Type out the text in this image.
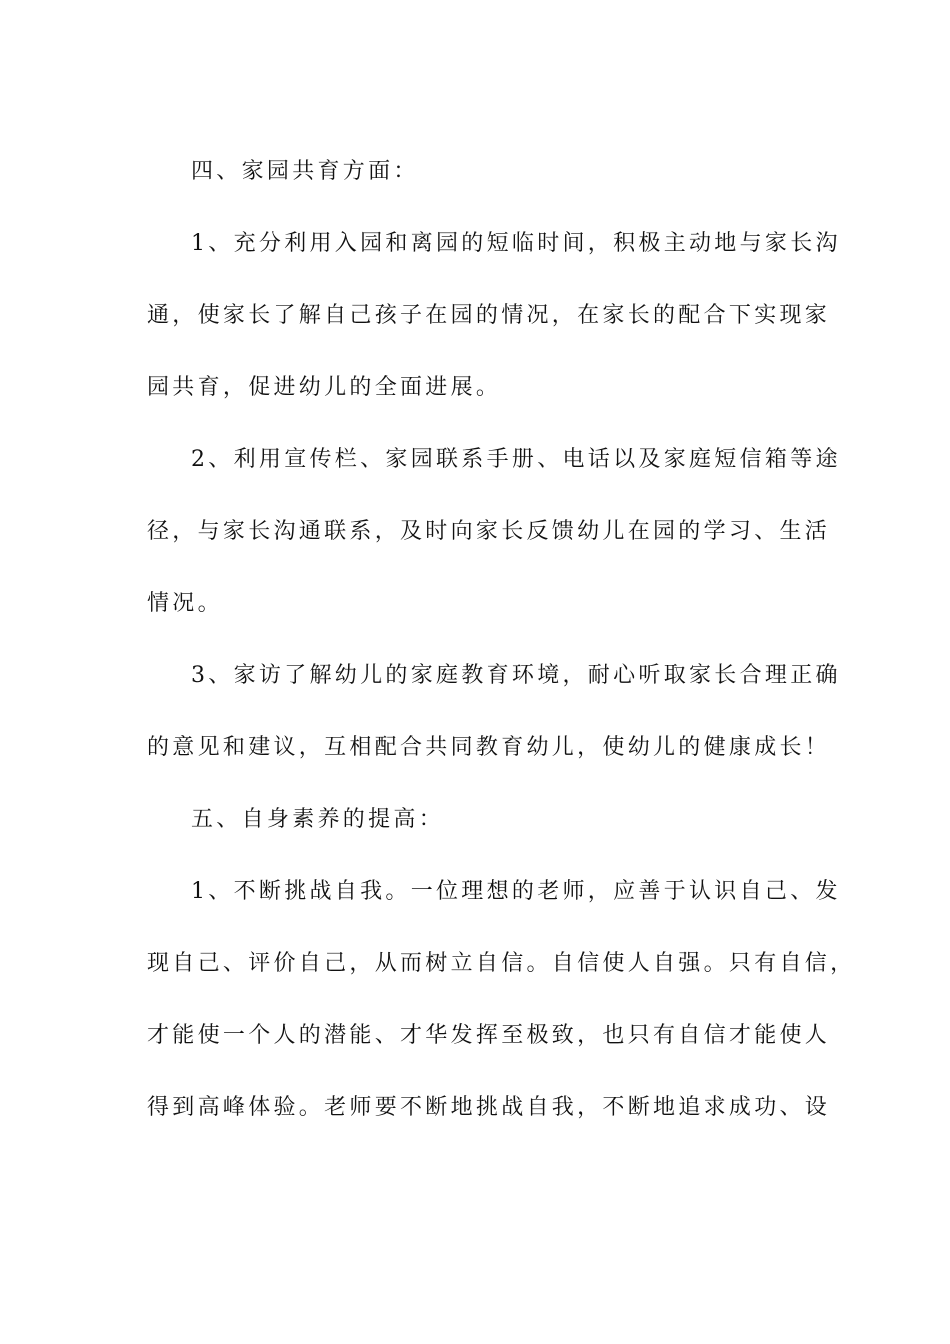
四、家园共育方面：
1、充分利用入园和离园的短临时间，积极主动地与家长沟
通，使家长了解自己孩子在园的情况，在家长的配合下实现家
园共育，促进幼儿的全面进展。
2、利用宣传栏、家园联系手册、电话以及家庭短信箱等途
径，与家长沟通联系，及时向家长反馈幼儿在园的学习、生活
情况。
3、家访了解幼儿的家庭教育环境，耐心听取家长合理正确
的意见和建议，互相配合共同教育幼儿，使幼儿的健康成长！
五、自身素养的提高：
1、不断挑战自我。一位理想的老师，应善于认识自己、发
现自己、评价自己，从而树立自信。自信使人自强。只有自信，
才能使一个人的潜能、才华发挥至极致，也只有自信才能使人
得到高峰体验。老师要不断地挑战自我，不断地追求成功、设
